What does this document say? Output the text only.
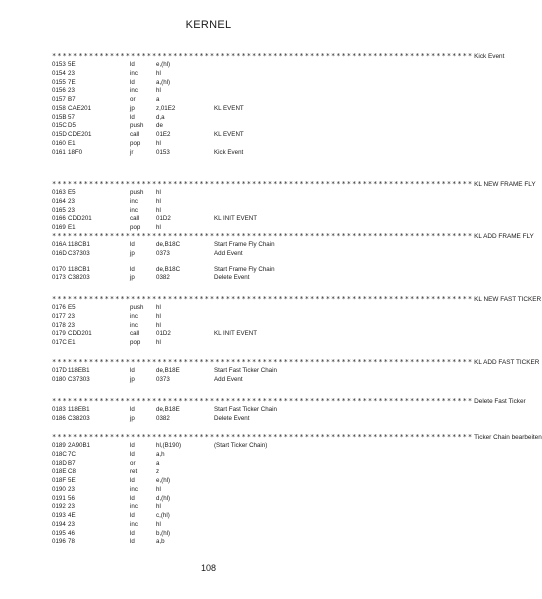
KERNEL
******************************************************************************** Kick Event
0153 5E	ld	e,(hl)
0154 23	inc	hl
0155 7E	ld	a,(hl)
0156 23	inc	hl
0157 B7	or	a
0158 CAE201	jp	z,01E2	KL EVENT
015B 57	ld	d,a
015C D5	push de
015D CDE201	call	01E2	KL EVENT
0160 E1	pop	hl
0161 18F0	jr	0153	Kick Event
******************************************************************************** KL NEW FRAME FLY
0163 E5	push hl
0164 23	inc	hl
0165 23	inc	hl
0166 CDD201	call	01D2	KL INIT EVENT
0169 E1	pop	hl
******************************************************************************** KL ADD FRAME FLY
016A 118CB1	ld	de,B18C	Start Frame Fly Chain
016D C37303	jp	0373	Add Event
0170 118CB1	ld	de,B18C	Start Frame Fly Chain
0173 C38203	jp	0382	Delete Event
******************************************************************************** KL NEW FAST TICKER
0176 E5	push hl
0177 23	inc	hl
0178 23	inc	hl
0179 CDD201	call	01D2	KL INIT EVENT
017C E1	pop	hl
******************************************************************************** KL ADD FAST TICKER
017D 118EB1	ld	de,B18E	Start Fast Ticker Chain
0180 C37303	jp	0373	Add Event
******************************************************************************** Delete Fast Ticker
0183 118EB1	ld	de,B18E	Start Fast Ticker Chain
0186 C38203	jp	0382	Delete Event
******************************************************************************** Ticker Chain bearbeiten
0189 2A90B1	ld	hl,(B190)	(Start Ticker Chain)
018C 7C	ld	a,h
018D B7	or	a
018E C8	ret	z
018F 5E	ld	e,(hl)
0190 23	inc	hl
0191 56	ld	d,(hl)
0192 23	inc	hl
0193 4E	ld	c,(hl)
0194 23	inc	hl
0195 46	ld	b,(hl)
0196 78	ld	a,b
108
